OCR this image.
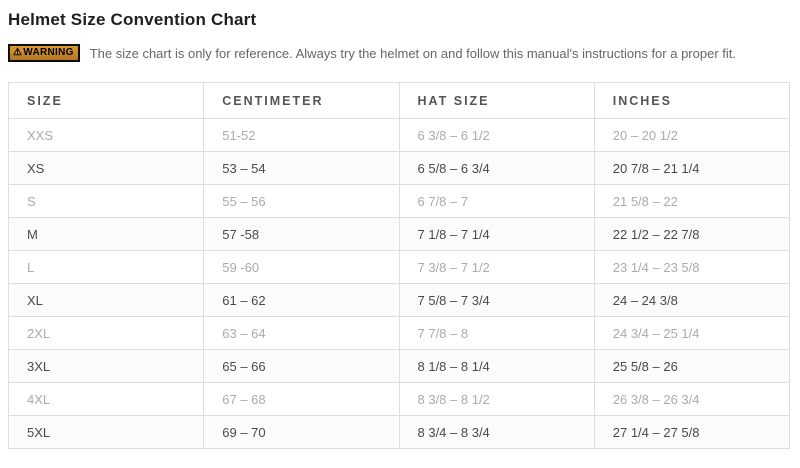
Helmet Size Convention Chart
⚠ WARNING The size chart is only for reference. Always try the helmet on and follow this manual's instructions for a proper fit.
SIZE	CENTIMETER	HAT SIZE	INCHES
XXS	51-52	6 3/8 – 6 1/2	20 – 20 1/2
XS	53 – 54	6 5/8 – 6 3/4	20 7/8 – 21 1/4
S	55 – 56	6 7/8 – 7	21 5/8 – 22
M	57 -58	7 1/8 – 7 1/4	22 1/2 – 22 7/8
L	59 -60	7 3/8 – 7 1/2	23 1/4 – 23 5/8
XL	61 – 62	7 5/8 – 7 3/4	24 – 24 3/8
2XL	63 – 64	7 7/8 – 8	24 3/4 – 25 1/4
3XL	65 – 66	8 1/8 – 8 1/4	25 5/8 – 26
4XL	67 – 68	8 3/8 – 8 1/2	26 3/8 – 26 3/4
5XL	69 – 70	8 3/4 – 8 3/4	27 1/4 – 27 5/8
